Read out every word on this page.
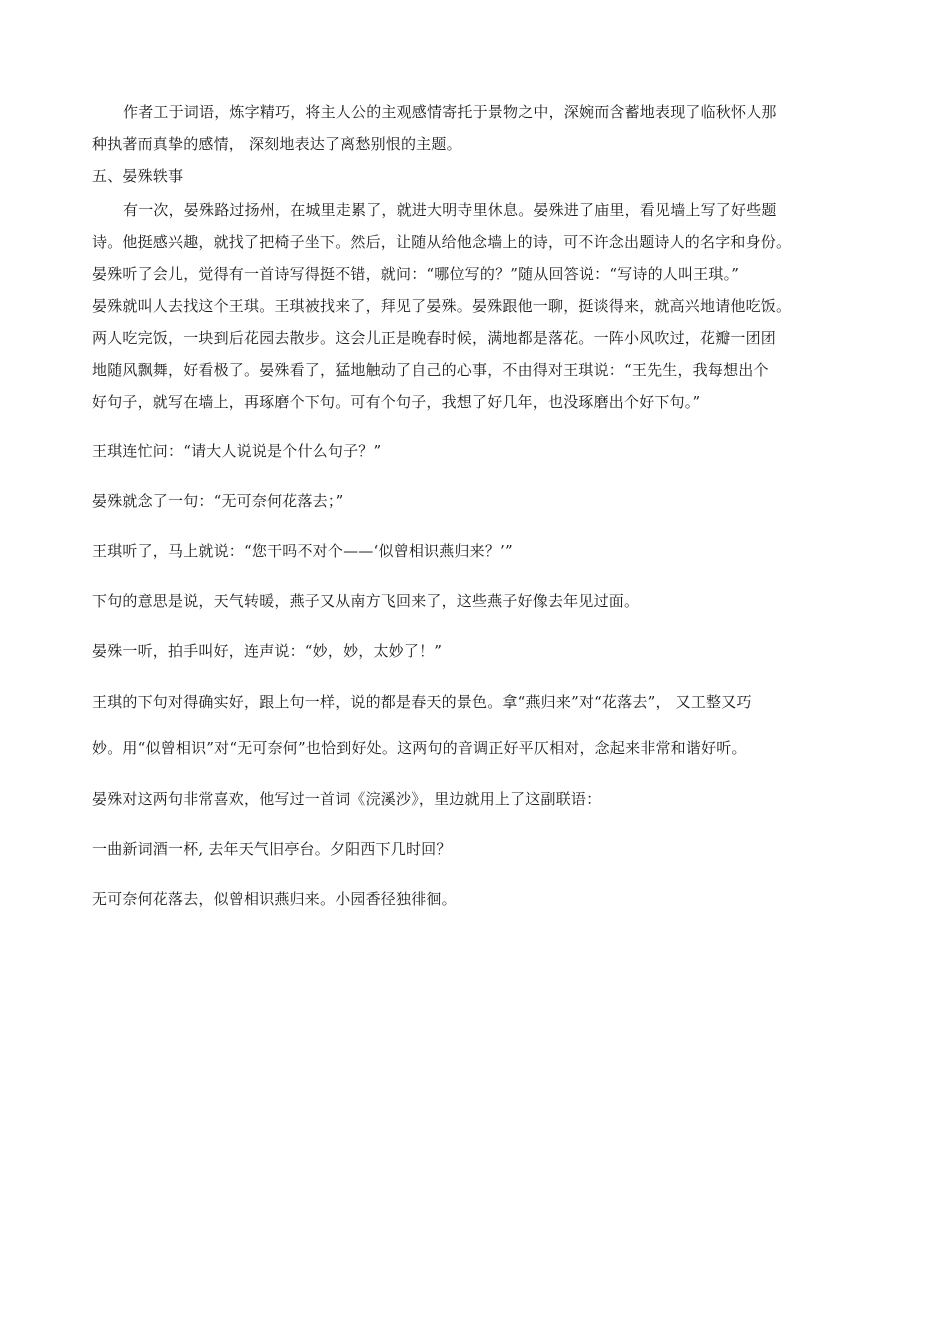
作者工于词语，炼字精巧，将主人公的主观感情寄托于景物之中，深婉而含蓄地表现了临秋怀人那
种执著而真挚的感情， 深刻地表达了离愁别恨的主题。

五、晏殊轶事

有一次，晏殊路过扬州，在城里走累了，就进大明寺里休息。晏殊进了庙里，看见墙上写了好些题
诗。他挺感兴趣，就找了把椅子坐下。然后，让随从给他念墙上的诗，可不许念出题诗人的名字和身份。
晏殊听了会儿，觉得有一首诗写得挺不错，就问：“哪位写的？”随从回答说：“写诗的人叫王琪。”
晏殊就叫人去找这个王琪。王琪被找来了，拜见了晏殊。晏殊跟他一聊，挺谈得来，就高兴地请他吃饭。
两人吃完饭，一块到后花园去散步。这会儿正是晚春时候，满地都是落花。一阵小风吹过，花瓣一团团
地随风飘舞，好看极了。晏殊看了，猛地触动了自己的心事，不由得对王琪说：“王先生，我每想出个
好句子，就写在墙上，再琢磨个下句。可有个句子，我想了好几年，也没琢磨出个好下句。”

王琪连忙问：“请大人说说是个什么句子？”

晏殊就念了一句：“无可奈何花落去；”

王琪听了，马上就说：“您干吗不对个——‘似曾相识燕归来？’”

下句的意思是说，天气转暖，燕子又从南方飞回来了，这些燕子好像去年见过面。

晏殊一听，拍手叫好，连声说：“妙，妙，太妙了！”

王琪的下句对得确实好，跟上句一样，说的都是春天的景色。拿“燕归来”对“花落去”， 又工整又巧
妙。用“似曾相识”对“无可奈何”也恰到好处。这两句的音调正好平仄相对，念起来非常和谐好听。

晏殊对这两句非常喜欢，他写过一首词《浣溪沙》，里边就用上了这副联语：

一曲新词酒一杯, 去年天气旧亭台。夕阳西下几时回？

无可奈何花落去，似曾相识燕归来。小园香径独徘徊。
